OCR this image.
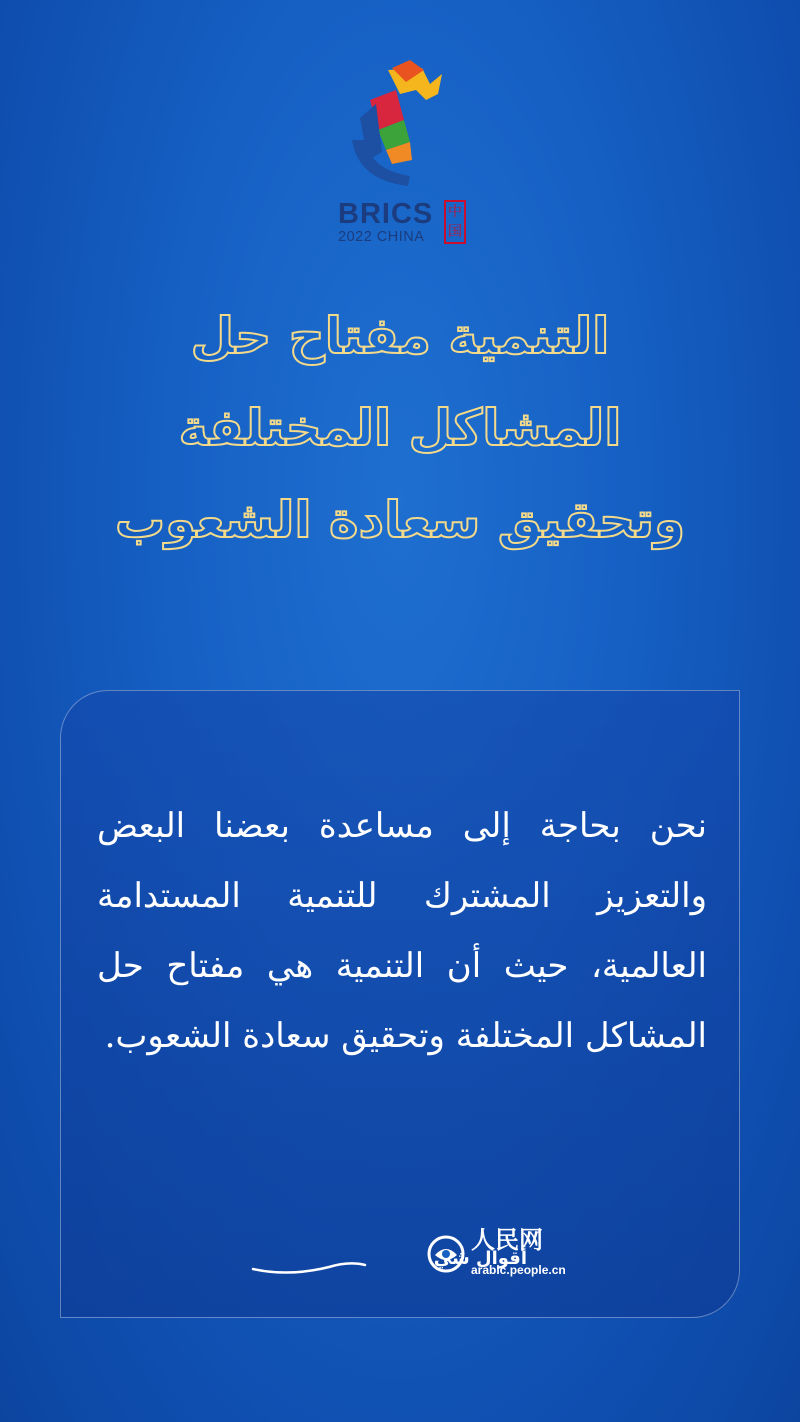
BRICS
2022 CHINA
中
国
التنمية مفتاح حل
المشاكل المختلفة
وتحقيق سعادة الشعوب
نحن بحاجة إلى مساعدة بعضنا البعض والتعزيز المشترك للتنمية المستدامة العالمية، حيث أن التنمية هي مفتاح حل المشاكل المختلفة وتحقيق سعادة الشعوب.
人民网
arabic.people.cn
أقوال شي
